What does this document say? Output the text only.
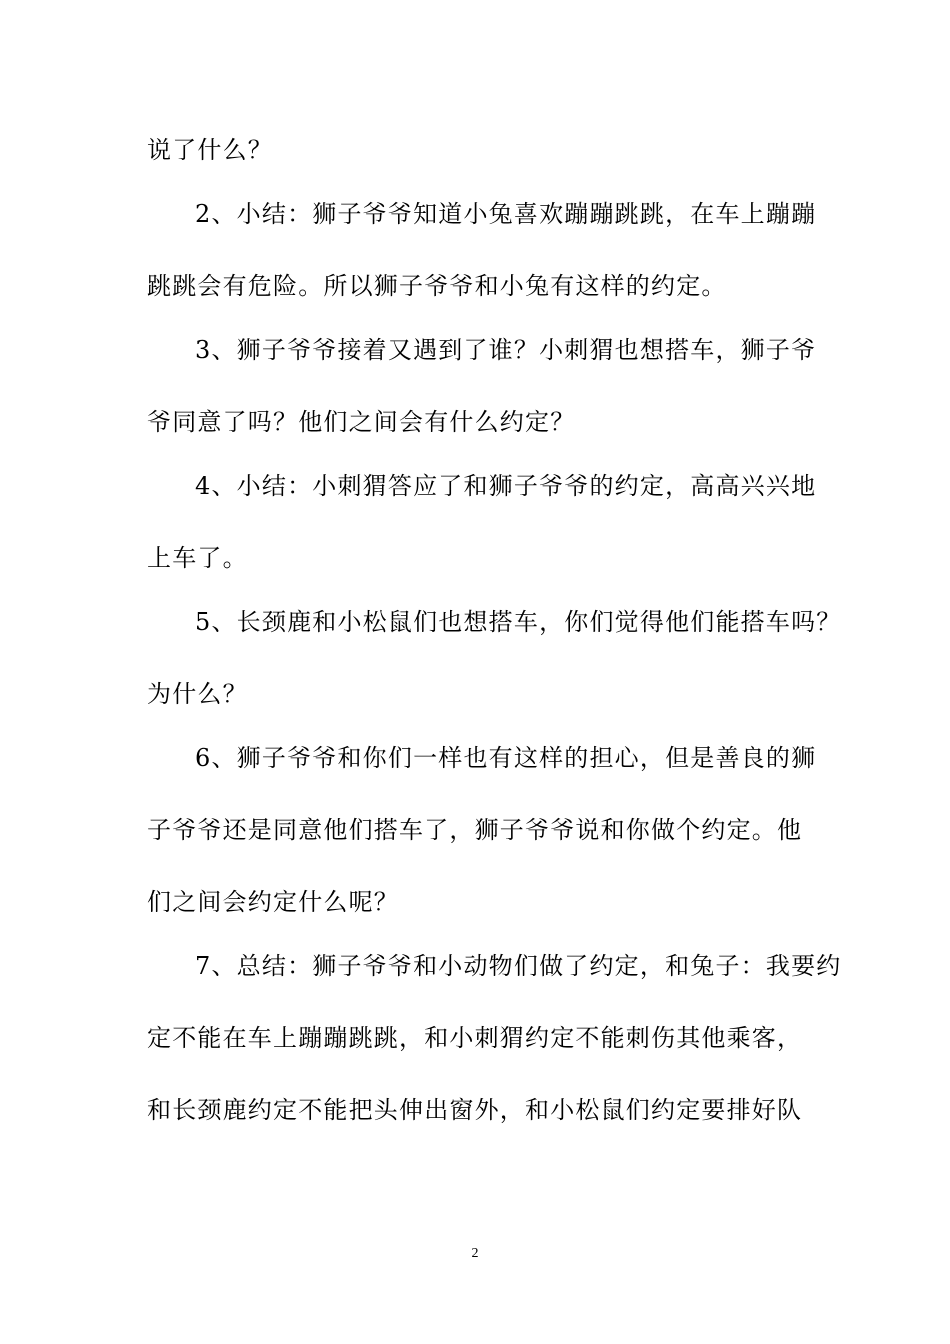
说了什么？
2、小结：狮子爷爷知道小兔喜欢蹦蹦跳跳，在车上蹦蹦
跳跳会有危险。所以狮子爷爷和小兔有这样的约定。
3、狮子爷爷接着又遇到了谁？小刺猬也想搭车，狮子爷
爷同意了吗？他们之间会有什么约定？
4、小结：小刺猬答应了和狮子爷爷的约定，高高兴兴地
上车了。
5、长颈鹿和小松鼠们也想搭车，你们觉得他们能搭车吗？
为什么？
6、狮子爷爷和你们一样也有这样的担心，但是善良的狮
子爷爷还是同意他们搭车了，狮子爷爷说和你做个约定。他
们之间会约定什么呢？
7、总结：狮子爷爷和小动物们做了约定，和兔子：我要约
定不能在车上蹦蹦跳跳，和小刺猬约定不能刺伤其他乘客，
和长颈鹿约定不能把头伸出窗外，和小松鼠们约定要排好队
2
